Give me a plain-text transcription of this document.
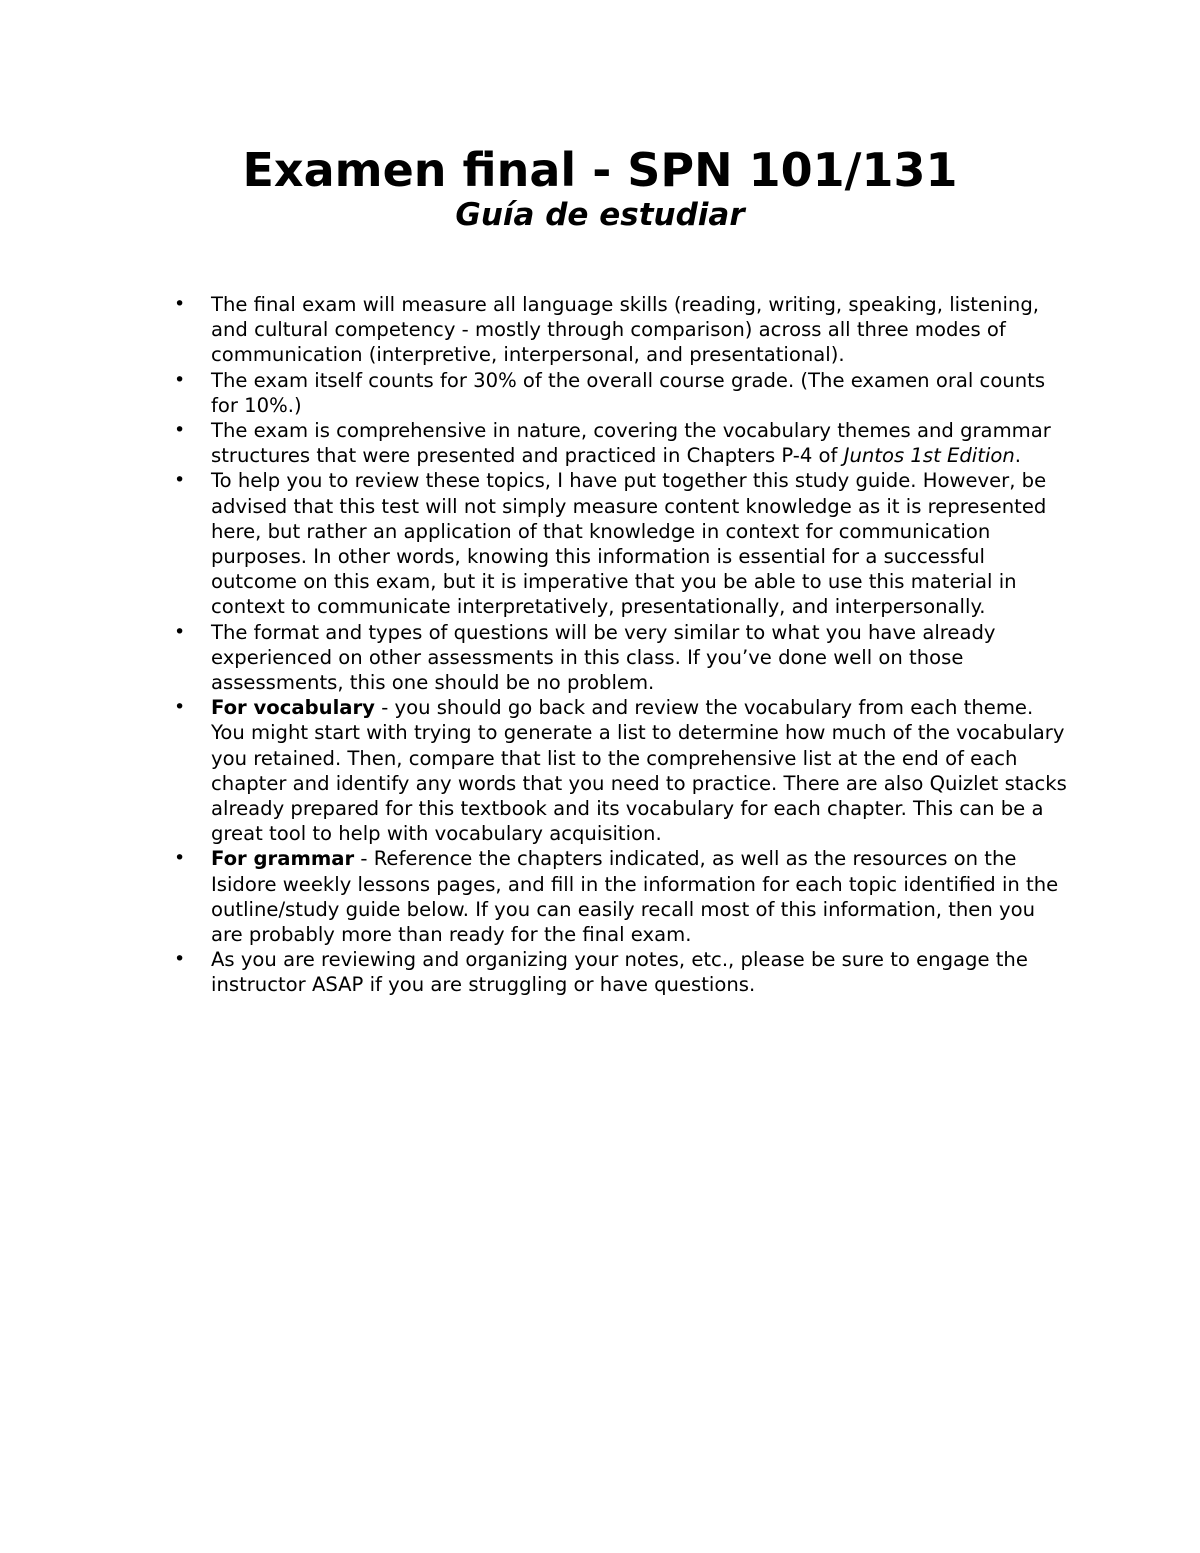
Examen final - SPN 101/131
Guía de estudiar
• The final exam will measure all language skills (reading, writing, speaking, listening, and cultural competency - mostly through comparison) across all three modes of communication (interpretive, interpersonal, and presentational).
• The exam itself counts for 30% of the overall course grade. (The examen oral counts for 10%.)
• The exam is comprehensive in nature, covering the vocabulary themes and grammar structures that were presented and practiced in Chapters P-4 of Juntos 1st Edition.
• To help you to review these topics, I have put together this study guide. However, be advised that this test will not simply measure content knowledge as it is represented here, but rather an application of that knowledge in context for communication purposes. In other words, knowing this information is essential for a successful outcome on this exam, but it is imperative that you be able to use this material in context to communicate interpretatively, presentationally, and interpersonally.
• The format and types of questions will be very similar to what you have already experienced on other assessments in this class. If you’ve done well on those assessments, this one should be no problem.
• For vocabulary - you should go back and review the vocabulary from each theme. You might start with trying to generate a list to determine how much of the vocabulary you retained. Then, compare that list to the comprehensive list at the end of each chapter and identify any words that you need to practice. There are also Quizlet stacks already prepared for this textbook and its vocabulary for each chapter. This can be a great tool to help with vocabulary acquisition.
• For grammar - Reference the chapters indicated, as well as the resources on the Isidore weekly lessons pages, and fill in the information for each topic identified in the outline/study guide below. If you can easily recall most of this information, then you are probably more than ready for the final exam.
• As you are reviewing and organizing your notes, etc., please be sure to engage the instructor ASAP if you are struggling or have questions.
